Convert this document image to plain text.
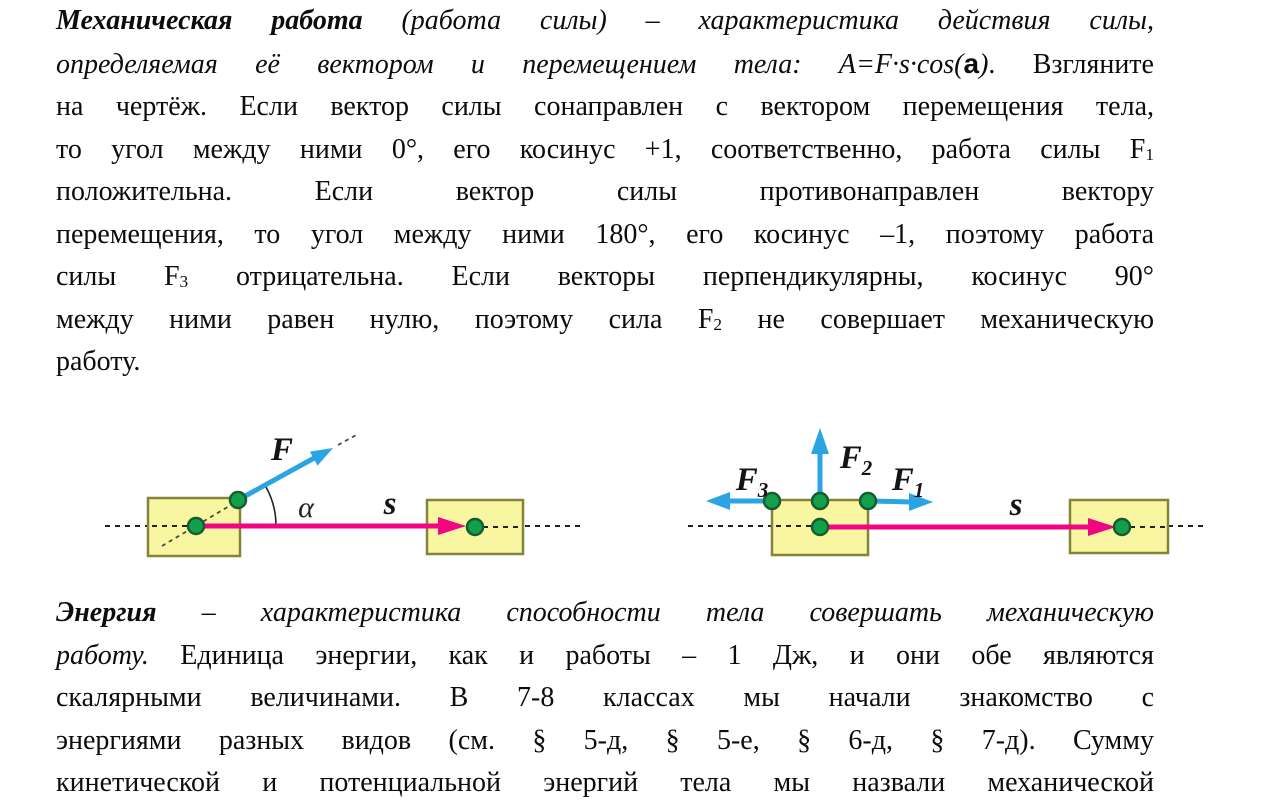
Механическая работа (работа силы) – характеристика действия силы,
определяемая её вектором и перемещением тела: A=F·s·cos(a). Взгляните
на чертёж. Если вектор силы сонаправлен с вектором перемещения тела,
то угол между ними 0°, его косинус +1, соответственно, работа силы $F_1$
положительна. Если вектор силы противонаправлен вектору
перемещения, то угол между ними 180°, его косинус –1, поэтому работа
силы $F_3$ отрицательна. Если векторы перпендикулярны, косинус 90°
между ними равен нулю, поэтому сила $F_2$ не совершает механическую
работу.
F
α s
$F_3$
$F_2$ $F_1$	s
Энергия – характеристика способности тела совершать механическую
работу. Единица энергии, как и работы – 1 Дж, и они обе являются
скалярными величинами. В 7-8 классах мы начали знакомство с
энергиями разных видов (см. § 5-д, § 5-е, § 6-д, § 7-д). Сумму
кинетической и потенциальной энергий тела мы назвали механической
